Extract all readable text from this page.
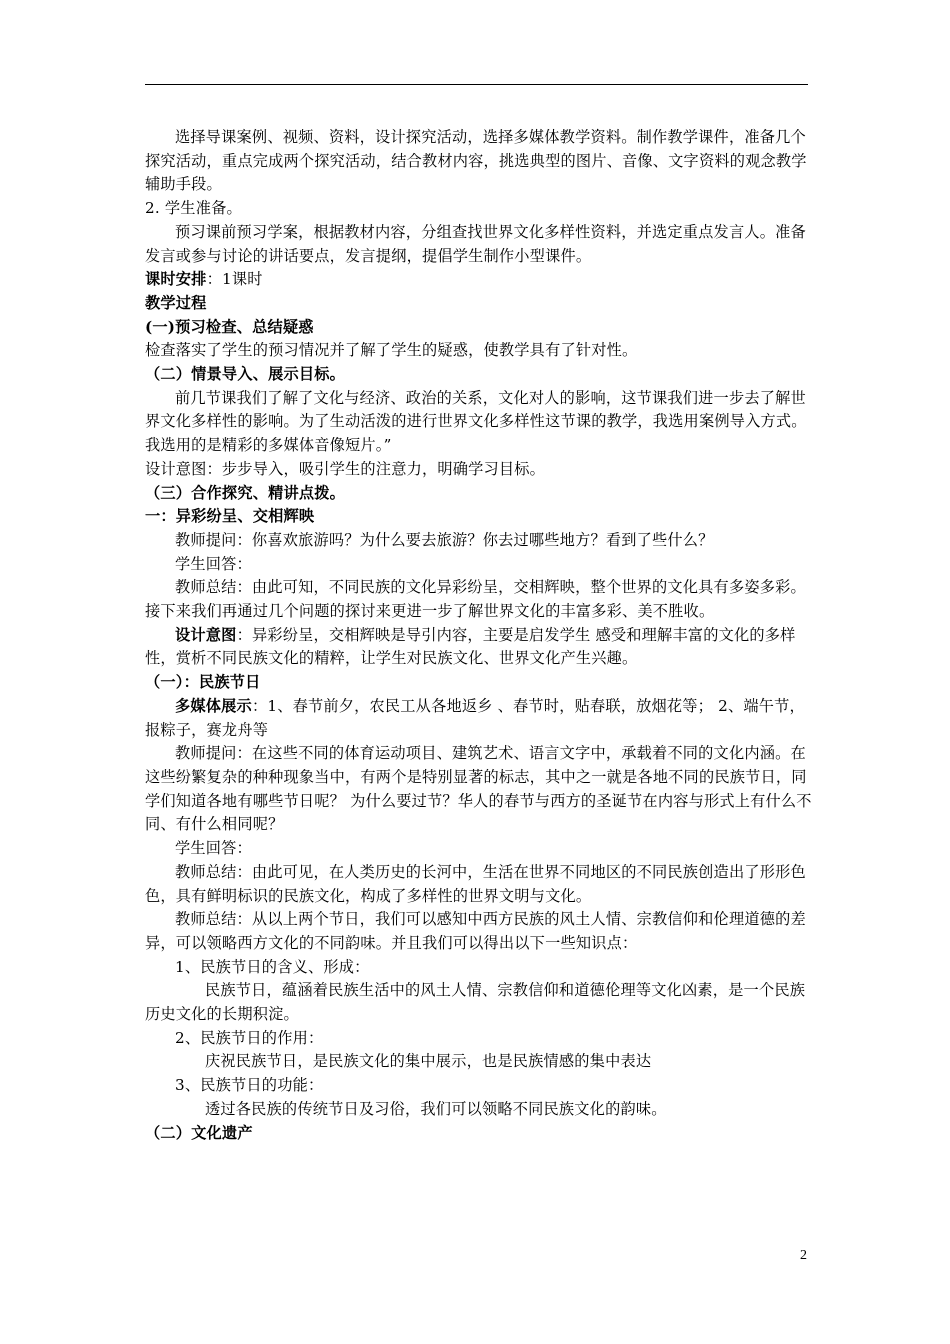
选择导课案例、视频、资料，设计探究活动，选择多媒体教学资料。制作教学课件，准备几个探究活动，重点完成两个探究活动，结合教材内容，挑选典型的图片、音像、文字资料的观念教学辅助手段。

2. 学生准备。

预习课前预习学案，根据教材内容，分组查找世界文化多样性资料，并选定重点发言人。准备发言或参与讨论的讲话要点，发言提纲，提倡学生制作小型课件。

课时安排：1课时

教学过程

(一)预习检查、总结疑惑

检查落实了学生的预习情况并了解了学生的疑惑，使教学具有了针对性。

（二）情景导入、展示目标。

前几节课我们了解了文化与经济、政治的关系，文化对人的影响，这节课我们进一步去了解世界文化多样性的影响。为了生动活泼的进行世界文化多样性这节课的教学，我选用案例导入方式。我选用的是精彩的多媒体音像短片。”

设计意图：步步导入，吸引学生的注意力，明确学习目标。

（三）合作探究、精讲点拨。

一：异彩纷呈、交相辉映

教师提问：你喜欢旅游吗？为什么要去旅游？你去过哪些地方？看到了些什么？

学生回答：

教师总结：由此可知，不同民族的文化异彩纷呈，交相辉映，整个世界的文化具有多姿多彩。接下来我们再通过几个问题的探讨来更进一步了解世界文化的丰富多彩、美不胜收。

设计意图：异彩纷呈，交相辉映是导引内容，主要是启发学生 感受和理解丰富的文化的多样性，赏析不同民族文化的精粹，让学生对民族文化、世界文化产生兴趣。

（一）：民族节日

多媒体展示：1、春节前夕，农民工从各地返乡 、春节时，贴春联，放烟花等； 2、端午节，报粽子，赛龙舟等

教师提问：在这些不同的体育运动项目、建筑艺术、语言文字中，承载着不同的文化内涵。在这些纷繁复杂的种种现象当中，有两个是特别显著的标志，其中之一就是各地不同的民族节日，同学们知道各地有哪些节日呢？ 为什么要过节？华人的春节与西方的圣诞节在内容与形式上有什么不同、有什么相同呢？

学生回答：

教师总结：由此可见，在人类历史的长河中，生活在世界不同地区的不同民族创造出了形形色色，具有鲜明标识的民族文化，构成了多样性的世界文明与文化。

教师总结：从以上两个节日，我们可以感知中西方民族的风土人情、宗教信仰和伦理道德的差异，可以领略西方文化的不同韵味。并且我们可以得出以下一些知识点：

1、民族节日的含义、形成：

民族节日，蕴涵着民族生活中的风土人情、宗教信仰和道德伦理等文化凶素，是一个民族历史文化的长期积淀。

2、民族节日的作用：

庆祝民族节日，是民族文化的集中展示，也是民族情感的集中表达

3、民族节日的功能：

透过各民族的传统节日及习俗，我们可以领略不同民族文化的韵味。

（二）文化遗产

2
